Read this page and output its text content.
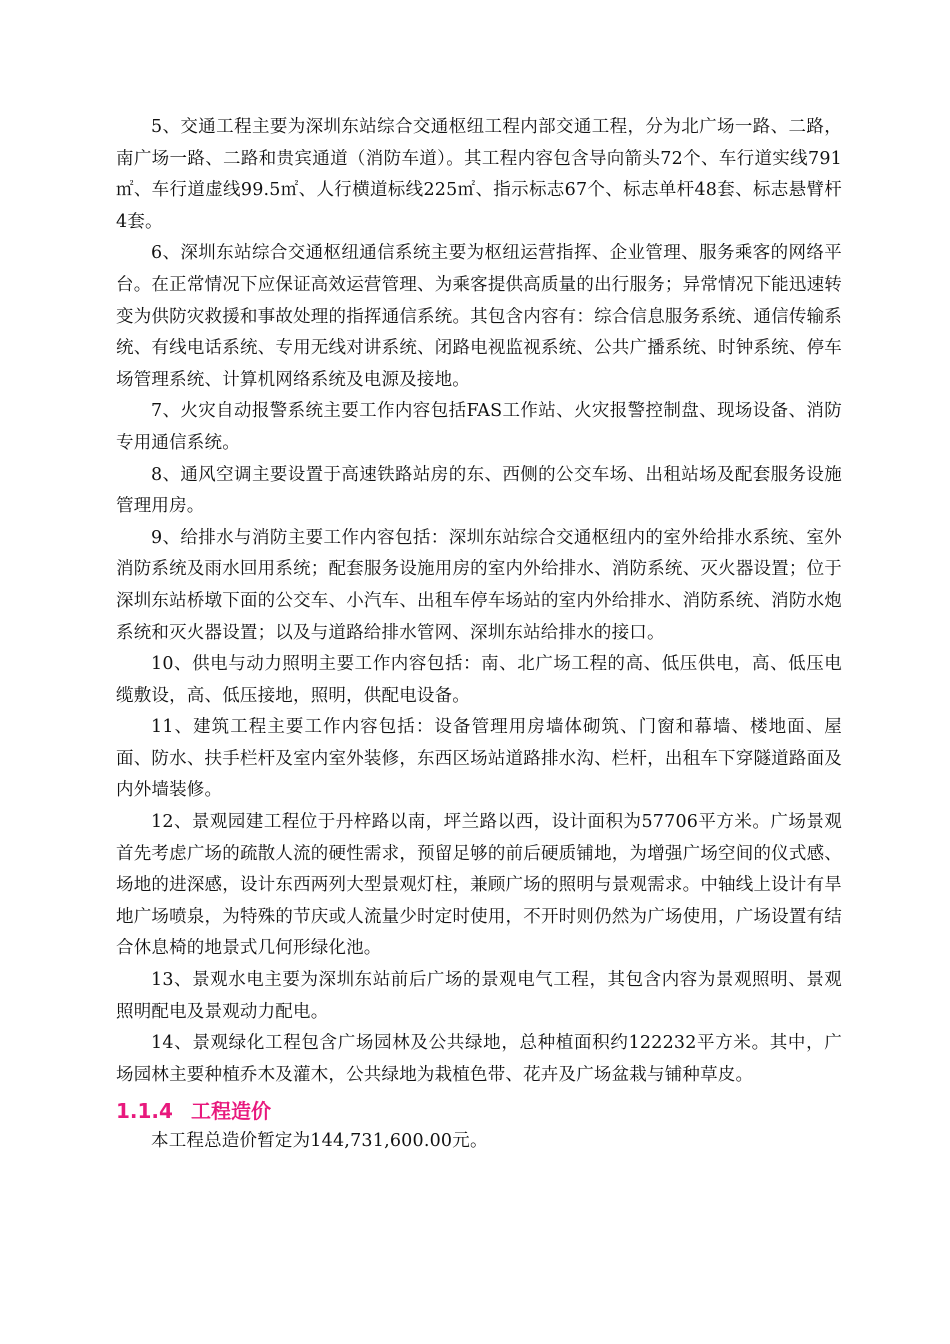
5、交通工程主要为深圳东站综合交通枢纽工程内部交通工程，分为北广场一路、二路，南广场一路、二路和贵宾通道（消防车道）。其工程内容包含导向箭头72个、车行道实线791㎡、车行道虚线99.5㎡、人行横道标线225㎡、指示标志67个、标志单杆48套、标志悬臂杆4套。

6、深圳东站综合交通枢纽通信系统主要为枢纽运营指挥、企业管理、服务乘客的网络平台。在正常情况下应保证高效运营管理、为乘客提供高质量的出行服务；异常情况下能迅速转变为供防灾救援和事故处理的指挥通信系统。其包含内容有：综合信息服务系统、通信传输系统、有线电话系统、专用无线对讲系统、闭路电视监视系统、公共广播系统、时钟系统、停车场管理系统、计算机网络系统及电源及接地。

7、火灾自动报警系统主要工作内容包括FAS工作站、火灾报警控制盘、现场设备、消防专用通信系统。

8、通风空调主要设置于高速铁路站房的东、西侧的公交车场、出租站场及配套服务设施管理用房。

9、给排水与消防主要工作内容包括：深圳东站综合交通枢纽内的室外给排水系统、室外消防系统及雨水回用系统；配套服务设施用房的室内外给排水、消防系统、灭火器设置；位于深圳东站桥墩下面的公交车、小汽车、出租车停车场站的室内外给排水、消防系统、消防水炮系统和灭火器设置；以及与道路给排水管网、深圳东站给排水的接口。

10、供电与动力照明主要工作内容包括：南、北广场工程的高、低压供电，高、低压电缆敷设，高、低压接地，照明，供配电设备。

11、建筑工程主要工作内容包括：设备管理用房墙体砌筑、门窗和幕墙、楼地面、屋面、防水、扶手栏杆及室内室外装修，东西区场站道路排水沟、栏杆，出租车下穿隧道路面及内外墙装修。

12、景观园建工程位于丹梓路以南，坪兰路以西，设计面积为57706平方米。广场景观首先考虑广场的疏散人流的硬性需求，预留足够的前后硬质铺地，为增强广场空间的仪式感、场地的进深感，设计东西两列大型景观灯柱，兼顾广场的照明与景观需求。中轴线上设计有旱地广场喷泉，为特殊的节庆或人流量少时定时使用，不开时则仍然为广场使用，广场设置有结合休息椅的地景式几何形绿化池。

13、景观水电主要为深圳东站前后广场的景观电气工程，其包含内容为景观照明、景观照明配电及景观动力配电。

14、景观绿化工程包含广场园林及公共绿地，总种植面积约122232平方米。其中，广场园林主要种植乔木及灌木，公共绿地为栽植色带、花卉及广场盆栽与铺种草皮。

1.1.4 工程造价

本工程总造价暂定为144,731,600.00元。
